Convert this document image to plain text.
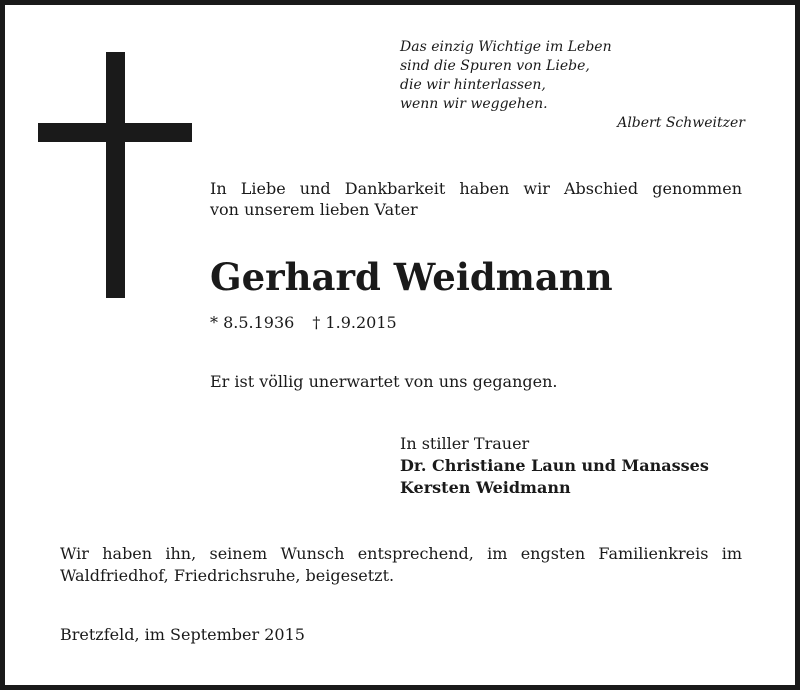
Das einzig Wichtige im Leben
sind die Spuren von Liebe,
die wir hinterlassen,
wenn wir weggehen.
Albert Schweitzer
In Liebe und Dankbarkeit haben wir Abschied genommen
von unserem lieben Vater
Gerhard Weidmann
* 8.5.1936 † 1.9.2015
Er ist völlig unerwartet von uns gegangen.
In stiller Trauer
Dr. Christiane Laun und Manasses
Kersten Weidmann
Wir haben ihn, seinem Wunsch entsprechend, im engsten Familienkreis im
Waldfriedhof, Friedrichsruhe, beigesetzt.
Bretzfeld, im September 2015
